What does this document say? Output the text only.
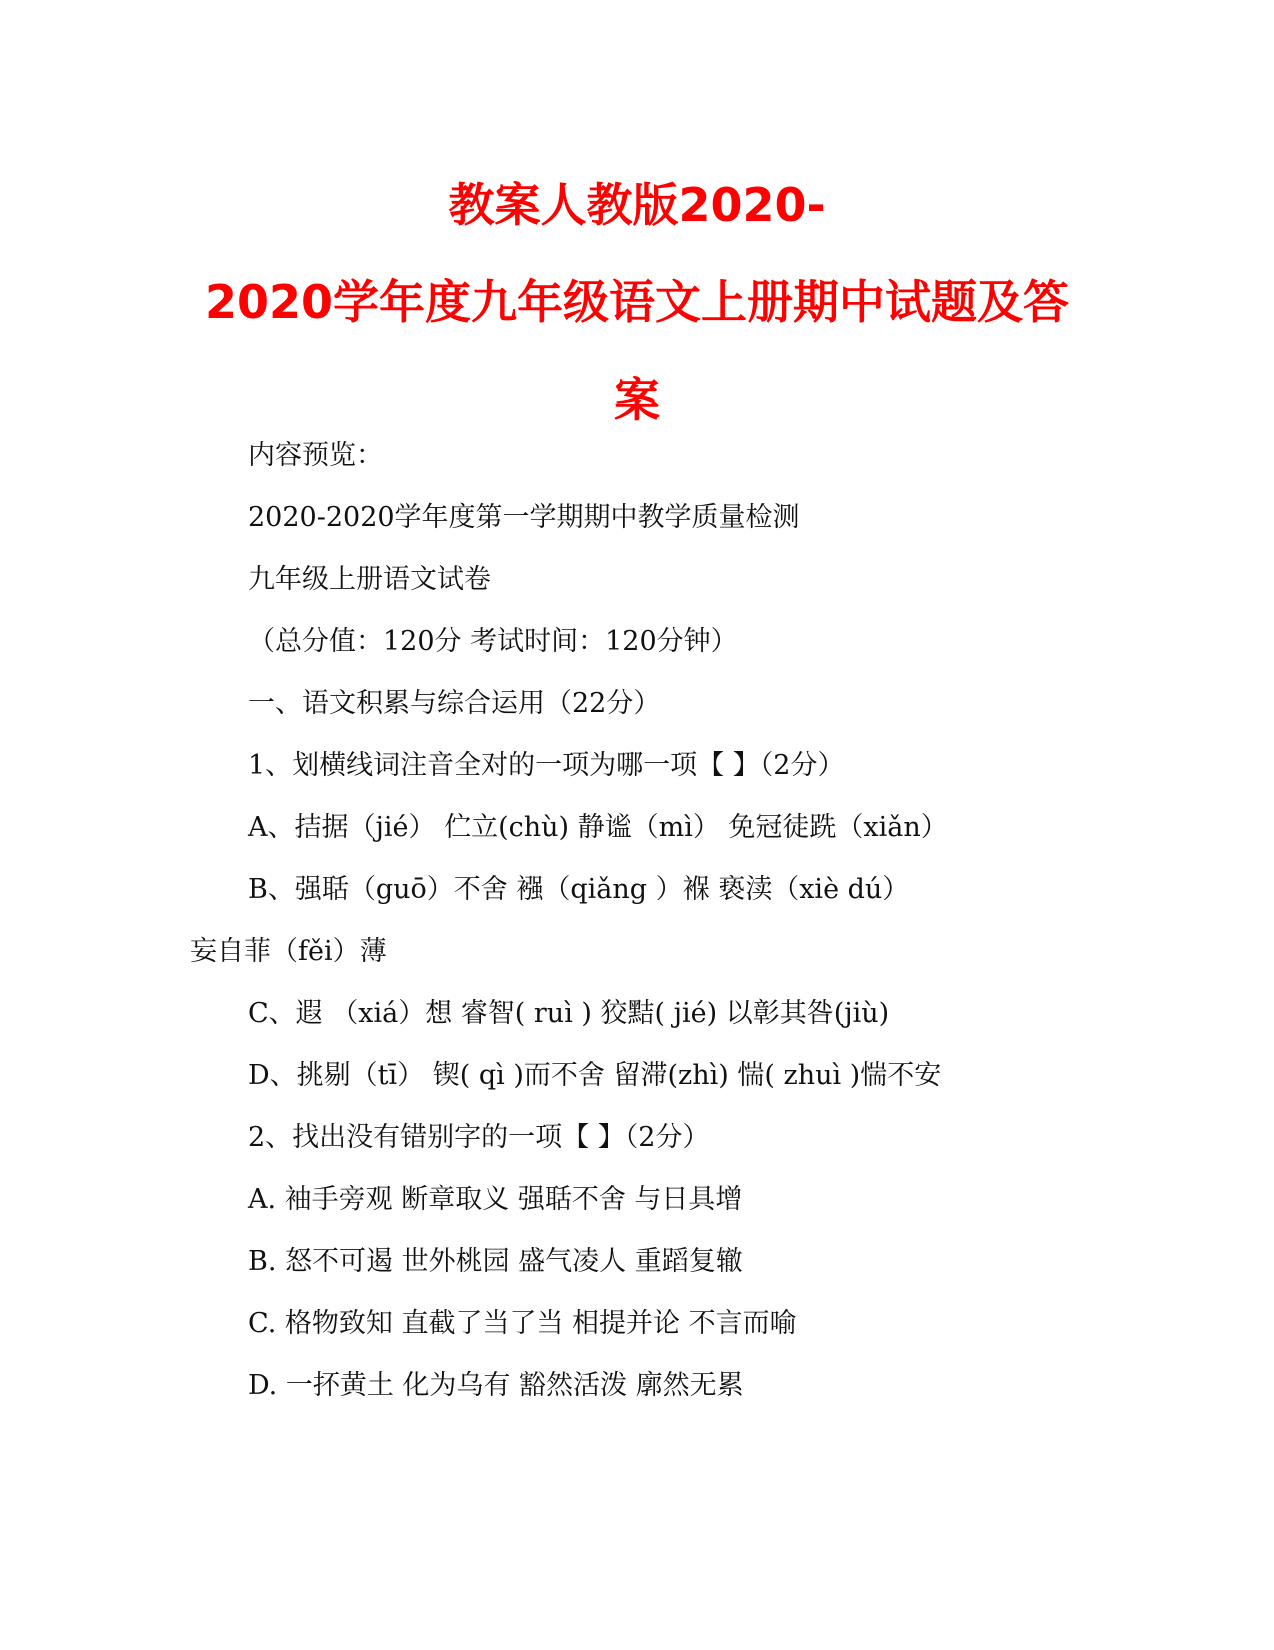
教案人教版2020-
2020学年度九年级语文上册期中试题及答
案

内容预览：

2020-2020学年度第一学期期中教学质量检测

九年级上册语文试卷

（总分值：120分 考试时间：120分钟）

一、语文积累与综合运用（22分）

1、划横线词注音全对的一项为哪一项【 】（2分）

A、拮据（jié） 伫立(chù) 静谧（mì） 免冠徒跣（xiǎn）

B、强聒（guō）不舍 襁（qiǎng ）褓 亵渎（xiè dú）

妄自菲（fěi）薄

C、遐 （xiá）想 睿智( ruì ) 狡黠( jié) 以彰其咎(jiù)

D、挑剔（tī） 锲( qì )而不舍 留滞(zhì) 惴( zhuì )惴不安

2、找出没有错别字的一项【 】（2分）

A. 袖手旁观 断章取义 强聒不舍 与日具增

B. 怒不可遏 世外桃园 盛气凌人 重蹈复辙

C. 格物致知 直截了当了当 相提并论 不言而喻

D. 一抔黄土 化为乌有 豁然活泼 廓然无累
